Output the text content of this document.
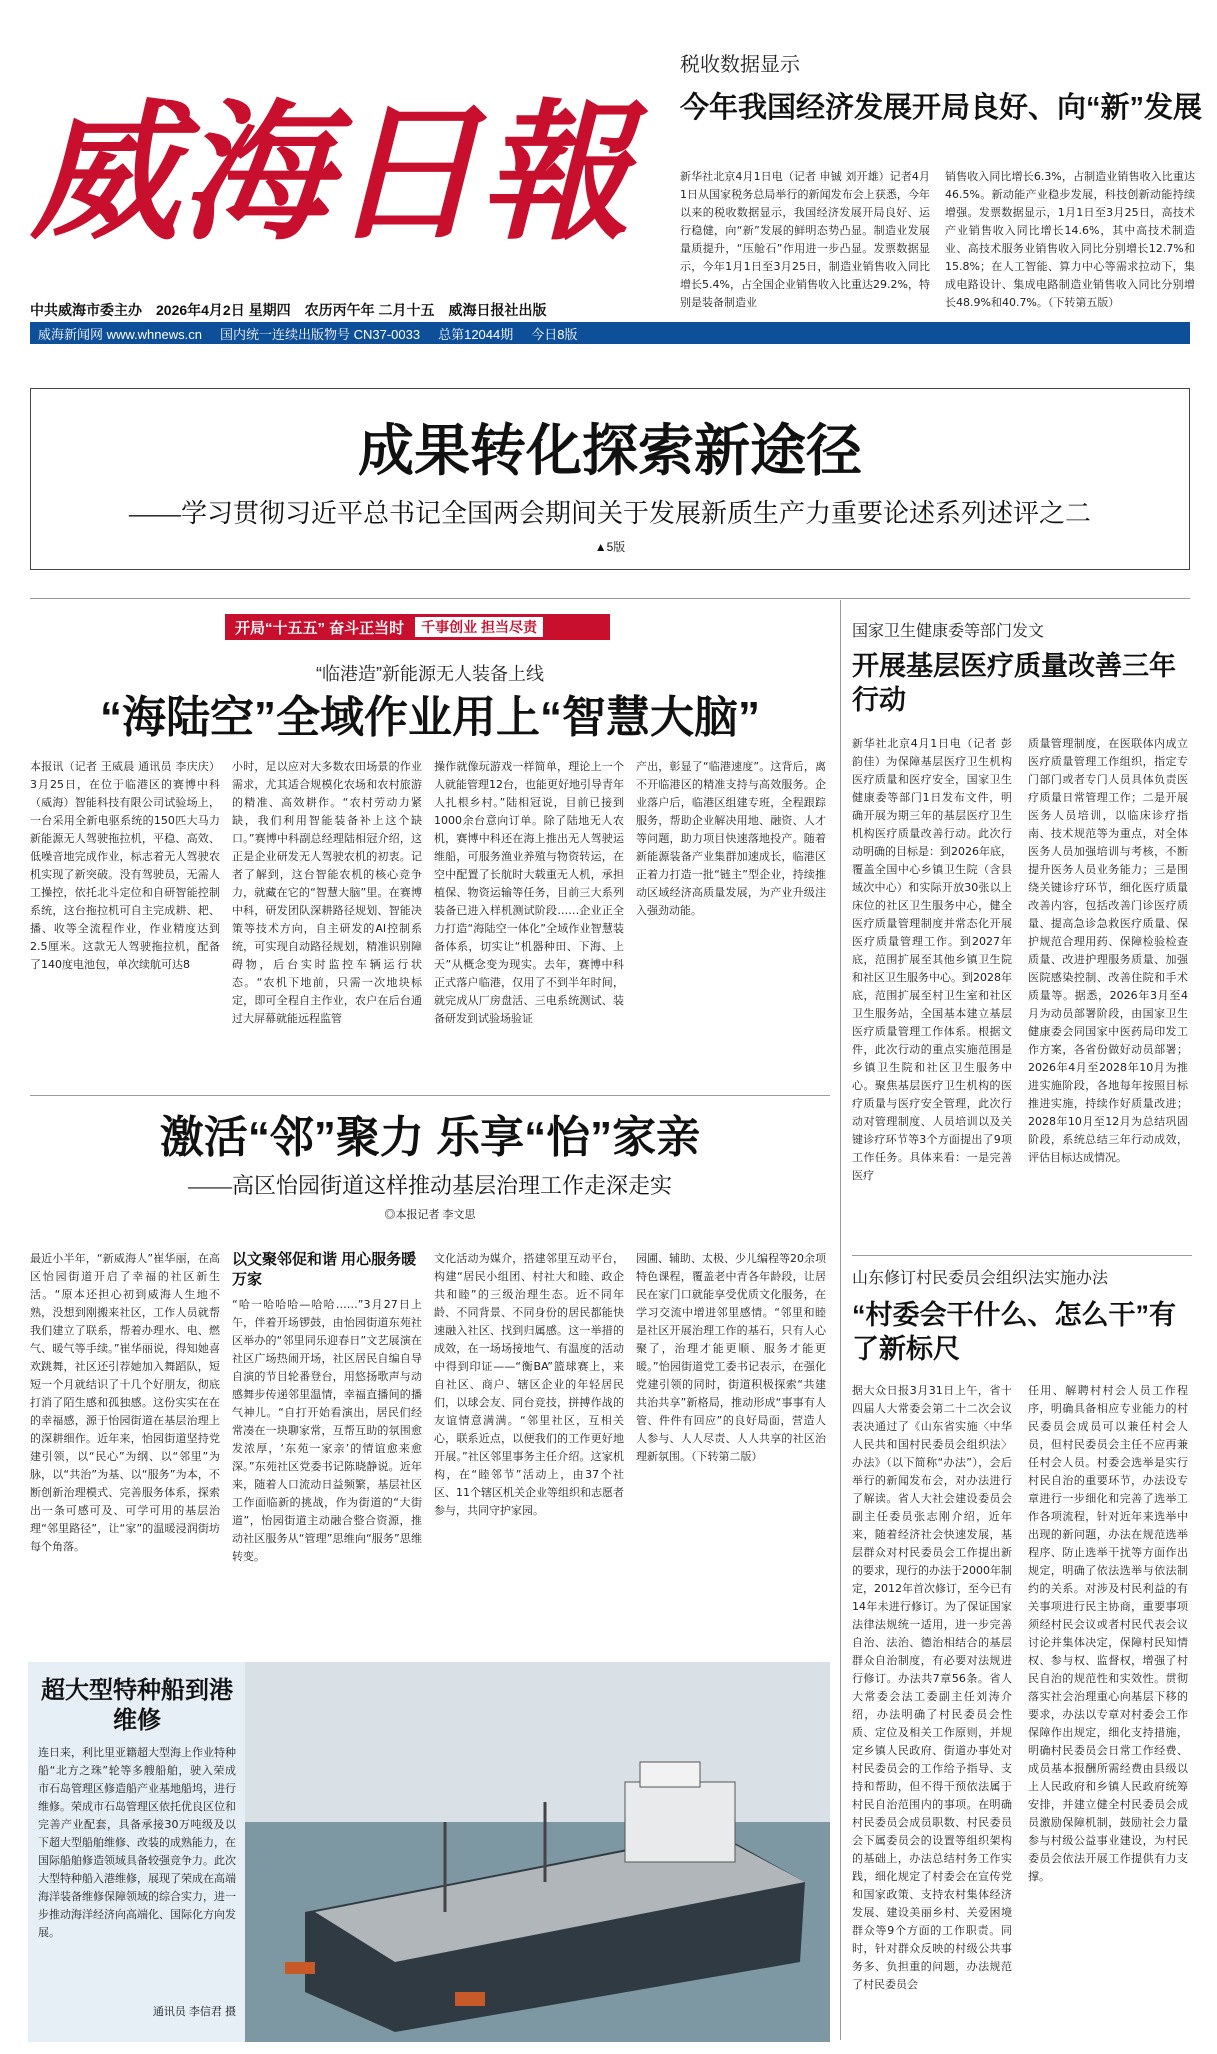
威海日報
税收数据显示
今年我国经济发展开局良好、向“新”发展
新华社北京4月1日电（记者 申铖 刘开雄）记者4月1日从国家税务总局举行的新闻发布会上获悉，今年以来的税收数据显示，我国经济发展开局良好、运行稳健，向“新”发展的鲜明态势凸显。制造业发展量质提升，“压舱石”作用进一步凸显。发票数据显示，今年1月1日至3月25日，制造业销售收入同比增长5.4%，占全国企业销售收入比重达29.2%，特别是装备制造业
销售收入同比增长6.3%，占制造业销售收入比重达46.5%。新动能产业稳步发展，科技创新动能持续增强。发票数据显示，1月1日至3月25日，高技术产业销售收入同比增长14.6%，其中高技术制造业、高技术服务业销售收入同比分别增长12.7%和15.8%；在人工智能、算力中心等需求拉动下，集成电路设计、集成电路制造业销售收入同比分别增长48.9%和40.7%。（下转第五版）
中共威海市委主办 2026年4月2日 星期四 农历丙午年 二月十五 威海日报社出版
威海新闻网 www.whnews.cn 国内统一连续出版物号 CN37-0033 总第12044期 今日8版
成果转化探索新途径
——学习贯彻习近平总书记全国两会期间关于发展新质生产力重要论述系列述评之二
▲5版
开局“十五五” 奋斗正当时	千事创业 担当尽责
“临港造”新能源无人装备上线
“海陆空”全域作业用上“智慧大脑”
本报讯（记者 王威晨 通讯员 李庆庆）3月25日，在位于临港区的赛博中科（威海）智能科技有限公司试验场上，一台采用全新电驱系统的150匹大马力新能源无人驾驶拖拉机，平稳、高效、低噪音地完成作业，标志着无人驾驶农机实现了新突破。没有驾驶员，无需人工操控，依托北斗定位和自研智能控制系统，这台拖拉机可自主完成耕、耙、播、收等全流程作业，作业精度达到2.5厘米。这款无人驾驶拖拉机，配备了140度电池包，单次续航可达8
小时，足以应对大多数农田场景的作业需求，尤其适合规模化农场和农村旅游的精准、高效耕作。“农村劳动力紧缺，我们利用智能装备补上这个缺口。”赛博中科副总经理陆相冠介绍，这正是企业研发无人驾驶农机的初衷。记者了解到，这台智能农机的核心竞争力，就藏在它的“智慧大脑”里。在赛博中科，研发团队深耕路径规划、智能决策等技术方向，自主研发的AI控制系统，可实现自动路径规划，精准识别障碍物，后台实时监控车辆运行状态。“农机下地前，只需一次地块标定，即可全程自主作业，农户在后台通过大屏幕就能远程监管
操作就像玩游戏一样简单，理论上一个人就能管理12台，也能更好地引导青年人扎根乡村。”陆相冠说，目前已接到1000余台意向订单。除了陆地无人农机，赛博中科还在海上推出无人驾驶运维船，可服务渔业养殖与物资转运，在空中配置了长航时大载重无人机，承担植保、物资运输等任务，目前三大系列装备已进入样机测试阶段……企业正全力打造“海陆空一体化”全域作业智慧装备体系，切实让“机器种田、下海、上天”从概念变为现实。去年，赛博中科正式落户临港，仅用了不到半年时间，就完成从厂房盘活、三电系统测试、装备研发到试验场验证
产出，彰显了“临港速度”。这背后，离不开临港区的精准支持与高效服务。企业落户后，临港区组建专班，全程跟踪服务，帮助企业解决用地、融资、人才等问题，助力项目快速落地投产。随着新能源装备产业集群加速成长，临港区正着力打造一批“链主”型企业，持续推动区域经济高质量发展，为产业升级注入强劲动能。
激活“邻”聚力 乐享“怡”家亲
——高区怡园街道这样推动基层治理工作走深走实
◎本报记者 李文思
最近小半年，“新威海人”崔华丽，在高区怡园街道开启了幸福的社区新生活。“原本还担心初到威海人生地不熟，没想到刚搬来社区，工作人员就帮我们建立了联系，帮着办理水、电、燃气、暖气等手续。”崔华丽说，得知她喜欢跳舞，社区还引荐她加入舞蹈队，短短一个月就结识了十几个好朋友，彻底打消了陌生感和孤独感。这份实实在在的幸福感，源于怡园街道在基层治理上的深耕细作。近年来，怡园街道坚持党建引领，以“民心”为纲、以“邻里”为脉，以“共治”为基、以“服务”为本，不断创新治理模式、完善服务体系，探索出一条可感可及、可学可用的基层治理“邻里路径”，让“家”的温暖浸润街坊每个角落。
以文聚邻促和谐 用心服务暖万家
“哈一哈哈哈—哈哈……”3月27日上午，伴着开场锣鼓，由怡园街道东苑社区举办的“邻里同乐迎春日”文艺展演在社区广场热闹开场，社区居民自编自导自演的节目轮番登台，用悠扬歌声与动感舞步传递邻里温情，幸福直播间的播气神儿。“自打开始看演出，居民们经常凑在一块聊家常，互帮互助的氛围愈发浓厚，‘东苑一家亲’的情谊愈来愈深。”东苑社区党委书记陈晓静说。近年来，随着人口流动日益频繁，基层社区工作面临新的挑战，作为街道的“大街道”，怡园街道主动融合整合资源，推动社区服务从“管理”思维向“服务”思维转变。
文化活动为媒介，搭建邻里互动平台，构建“居民小组团、村社大和睦、政企共和睦”的三级治理生态。近不同年龄、不同背景、不同身份的居民都能快速融入社区、找到归属感。这一举措的成效，在一场场接地气、有温度的活动中得到印证——“衡BA”篮球赛上，来自社区、商户、辖区企业的年轻居民们，以球会友、同台竞技，拼搏作战的友谊情意满满。“邻里社区，互相关心，联系近点，以便我们的工作更好地开展。”社区邻里事务主任介绍。这家机构，在“睦邻节”活动上，由37个社区、11个辖区机关企业等组织和志愿者参与，共同守护家园。
园圃、辅助、太极、少儿编程等20余项特色课程，覆盖老中青各年龄段，让居民在家门口就能享受优质文化服务，在学习交流中增进邻里感情。“邻里和睦是社区开展治理工作的基石，只有人心聚了，治理才能更顺、服务才能更暖。”怡园街道党工委书记表示，在强化党建引领的同时，街道积极探索“共建共治共享”新格局，推动形成“事事有人管、件件有回应”的良好局面，营造人人参与、人人尽责、人人共享的社区治理新氛围。（下转第二版）
超大型特种船到港维修
连日来，利比里亚籍超大型海上作业特种船“北方之珠”轮等多艘船舶，驶入荣成市石岛管理区修造船产业基地船坞，进行维修。荣成市石岛管理区依托优良区位和完善产业配套，具备承接30万吨级及以下超大型船舶维修、改装的成熟能力，在国际船舶修造领域具备较强竞争力。此次大型特种船入港维修，展现了荣成在高端海洋装备维修保障领域的综合实力，进一步推动海洋经济向高端化、国际化方向发展。
通讯员 李信君 摄
国家卫生健康委等部门发文
开展基层医疗质量改善三年行动
新华社北京4月1日电（记者 彭韵佳）为保障基层医疗卫生机构医疗质量和医疗安全，国家卫生健康委等部门1日发布文件，明确开展为期三年的基层医疗卫生机构医疗质量改善行动。此次行动明确的目标是：到2026年底，覆盖全国中心乡镇卫生院（含县域次中心）和实际开放30张以上床位的社区卫生服务中心，健全医疗质量管理制度并常态化开展医疗质量管理工作。到2027年底，范围扩展至其他乡镇卫生院和社区卫生服务中心。到2028年底，范围扩展至村卫生室和社区卫生服务站，全国基本建立基层医疗质量管理工作体系。根据文件，此次行动的重点实施范围是乡镇卫生院和社区卫生服务中心。聚焦基层医疗卫生机构的医疗质量与医疗安全管理，此次行动对管理制度、人员培训以及关键诊疗环节等3个方面提出了9项工作任务。具体来看：一是完善医疗
质量管理制度，在医联体内成立医疗质量管理工作组织，指定专门部门或者专门人员具体负责医疗质量日常管理工作；二是开展医务人员培训，以临床诊疗指南、技术规范等为重点，对全体医务人员加强培训与考核，不断提升医务人员业务能力；三是围绕关键诊疗环节，细化医疗质量改善内容，包括改善门诊医疗质量、提高急诊急救医疗质量、保护规范合理用药、保障检验检查质量、改进护理服务质量、加强医院感染控制、改善住院和手术质量等。据悉，2026年3月至4月为动员部署阶段，由国家卫生健康委会同国家中医药局印发工作方案，各省份做好动员部署；2026年4月至2028年10月为推进实施阶段，各地每年按照目标推进实施，持续作好质量改进；2028年10月至12月为总结巩固阶段，系统总结三年行动成效，评估目标达成情况。
山东修订村民委员会组织法实施办法
“村委会干什么、怎么干”有了新标尺
据大众日报3月31日上午，省十四届人大常委会第二十二次会议表决通过了《山东省实施〈中华人民共和国村民委员会组织法〉办法》（以下简称“办法”），会后举行的新闻发布会，对办法进行了解读。省人大社会建设委员会副主任委员张志刚介绍，近年来，随着经济社会快速发展，基层群众对村民委员会工作提出新的要求，现行的办法于2000年制定，2012年首次修订，至今已有14年未进行修订。为了保证国家法律法规统一适用，进一步完善自治、法治、德治相结合的基层群众自治制度，有必要对法规进行修订。办法共7章56条。省人大常委会法工委副主任刘涛介绍，办法明确了村民委员会性质、定位及相关工作原则，并规定乡镇人民政府、街道办事处对村民委员会的工作给予指导、支持和帮助，但不得干预依法属于村民自治范围内的事项。在明确村民委员会成员职数、村民委员会下属委员会的设置等组织架构的基础上，办法总结村务工作实践，细化规定了村委会在宣传党和国家政策、支持农村集体经济发展、建设美丽乡村、关爱困境群众等9个方面的工作职责。同时，针对群众反映的村级公共事务多、负担重的问题，办法规范了村民委员会
任用、解聘村村会人员工作程序，明确具备相应专业能力的村民委员会成员可以兼任村会人员，但村民委员会主任不应再兼任村会人员。村委会选举是实行村民自治的重要环节，办法设专章进行一步细化和完善了选举工作各项流程，针对近年来选举中出现的新问题，办法在规范选举程序、防止选举干扰等方面作出规定，明确了依法选举与依法制约的关系。对涉及村民利益的有关事项进行民主协商，重要事项须经村民会议或者村民代表会议讨论并集体决定，保障村民知情权、参与权、监督权，增强了村民自治的规范性和实效性。贯彻落实社会治理重心向基层下移的要求，办法以专章对村委会工作保障作出规定，细化支持措施，明确村民委员会日常工作经费、成员基本报酬所需经费由县级以上人民政府和乡镇人民政府统筹安排，并建立健全村民委员会成员激励保障机制，鼓励社会力量参与村级公益事业建设，为村民委员会依法开展工作提供有力支撑。
